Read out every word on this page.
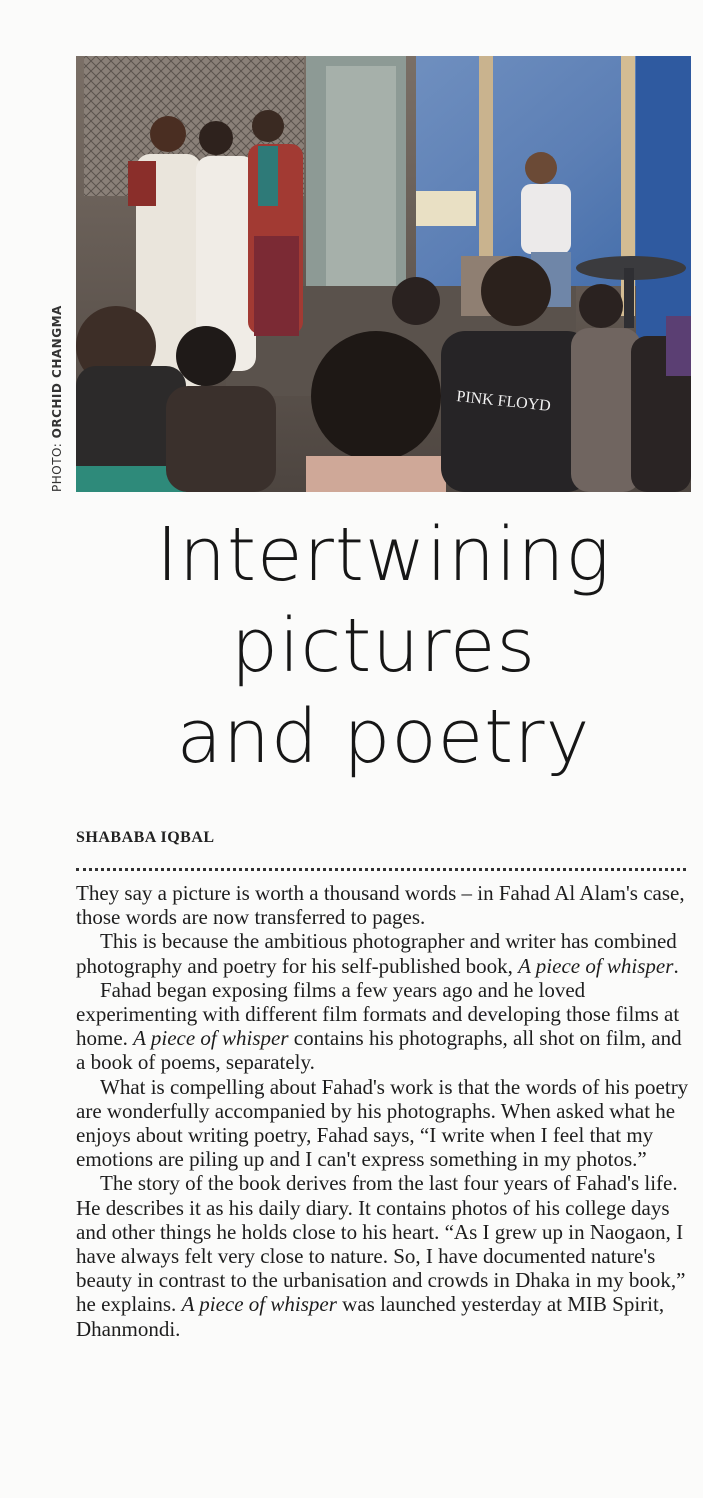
PHOTO: ORCHID CHANGMA	PINK FLOYD
Intertwining
pictures
and poetry
SHABABA IQBAL

They say a picture is worth a thousand words – in Fahad Al Alam's case, those words are now transferred to pages.

This is because the ambitious photographer and writer has combined photography and poetry for his self-published book, A piece of whisper.

Fahad began exposing films a few years ago and he loved experimenting with different film formats and developing those films at home. A piece of whisper contains his photographs, all shot on film, and a book of poems, separately.

What is compelling about Fahad's work is that the words of his poetry are wonderfully accompanied by his photographs. When asked what he enjoys about writing poetry, Fahad says, “I write when I feel that my emotions are piling up and I can't express something in my photos.”

The story of the book derives from the last four years of Fahad's life. He describes it as his daily diary. It contains photos of his college days and other things he holds close to his heart. “As I grew up in Naogaon, I have always felt very close to nature. So, I have documented nature's beauty in contrast to the urbanisation and crowds in Dhaka in my book,” he explains. A piece of whisper was launched yesterday at MIB Spirit, Dhanmondi.
